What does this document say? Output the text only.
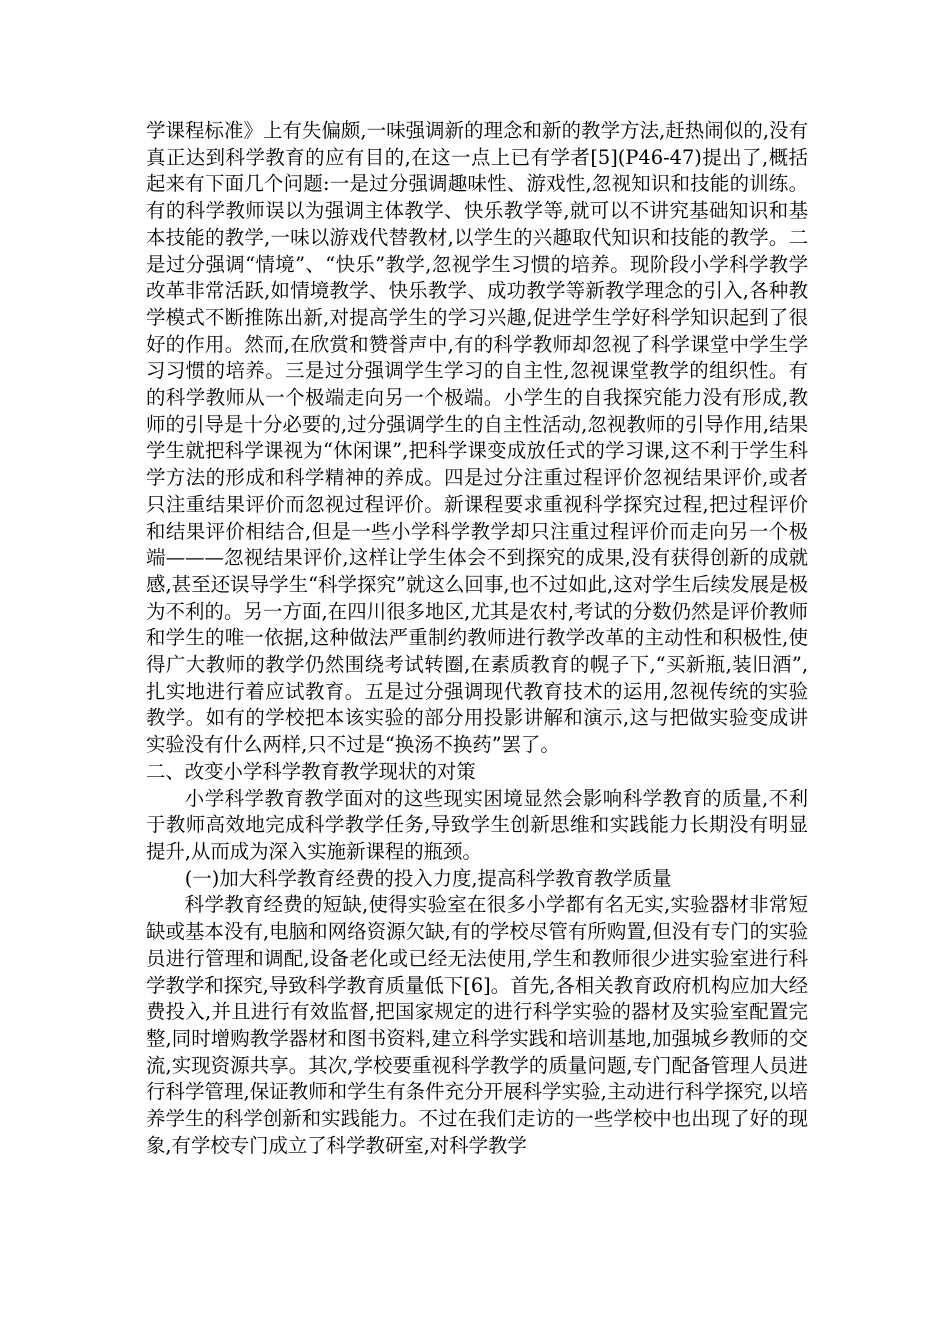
学课程标准》上有失偏颇,一味强调新的理念和新的教学方法,赶热闹似的,没有真正达到科学教育的应有目的,在这一点上已有学者[5](P46-47)提出了,概括起来有下面几个问题:一是过分强调趣味性、游戏性,忽视知识和技能的训练。有的科学教师误以为强调主体教学、快乐教学等,就可以不讲究基础知识和基本技能的教学,一味以游戏代替教材,以学生的兴趣取代知识和技能的教学。二是过分强调“情境”、“快乐”教学,忽视学生习惯的培养。现阶段小学科学教学改革非常活跃,如情境教学、快乐教学、成功教学等新教学理念的引入,各种教学模式不断推陈出新,对提高学生的学习兴趣,促进学生学好科学知识起到了很好的作用。然而,在欣赏和赞誉声中,有的科学教师却忽视了科学课堂中学生学习习惯的培养。三是过分强调学生学习的自主性,忽视课堂教学的组织性。有的科学教师从一个极端走向另一个极端。小学生的自我探究能力没有形成,教师的引导是十分必要的,过分强调学生的自主性活动,忽视教师的引导作用,结果学生就把科学课视为“休闲课”,把科学课变成放任式的学习课,这不利于学生科学方法的形成和科学精神的养成。四是过分注重过程评价忽视结果评价,或者只注重结果评价而忽视过程评价。新课程要求重视科学探究过程,把过程评价和结果评价相结合,但是一些小学科学教学却只注重过程评价而走向另一个极端———忽视结果评价,这样让学生体会不到探究的成果,没有获得创新的成就感,甚至还误导学生“科学探究”就这么回事,也不过如此,这对学生后续发展是极为不利的。另一方面,在四川很多地区,尤其是农村,考试的分数仍然是评价教师和学生的唯一依据,这种做法严重制约教师进行教学改革的主动性和积极性,使得广大教师的教学仍然围绕考试转圈,在素质教育的幌子下,“买新瓶,装旧酒”,扎实地进行着应试教育。五是过分强调现代教育技术的运用,忽视传统的实验教学。如有的学校把本该实验的部分用投影讲解和演示,这与把做实验变成讲实验没有什么两样,只不过是“换汤不换药”罢了。

二、改变小学科学教育教学现状的对策

小学科学教育教学面对的这些现实困境显然会影响科学教育的质量,不利于教师高效地完成科学教学任务,导致学生创新思维和实践能力长期没有明显提升,从而成为深入实施新课程的瓶颈。

(一)加大科学教育经费的投入力度,提高科学教育教学质量

科学教育经费的短缺,使得实验室在很多小学都有名无实,实验器材非常短缺或基本没有,电脑和网络资源欠缺,有的学校尽管有所购置,但没有专门的实验员进行管理和调配,设备老化或已经无法使用,学生和教师很少进实验室进行科学教学和探究,导致科学教育质量低下[6]。首先,各相关教育政府机构应加大经费投入,并且进行有效监督,把国家规定的进行科学实验的器材及实验室配置完整,同时增购教学器材和图书资料,建立科学实践和培训基地,加强城乡教师的交流,实现资源共享。其次,学校要重视科学教学的质量问题,专门配备管理人员进行科学管理,保证教师和学生有条件充分开展科学实验,主动进行科学探究,以培养学生的科学创新和实践能力。不过在我们走访的一些学校中也出现了好的现象,有学校专门成立了科学教研室,对科学教学
